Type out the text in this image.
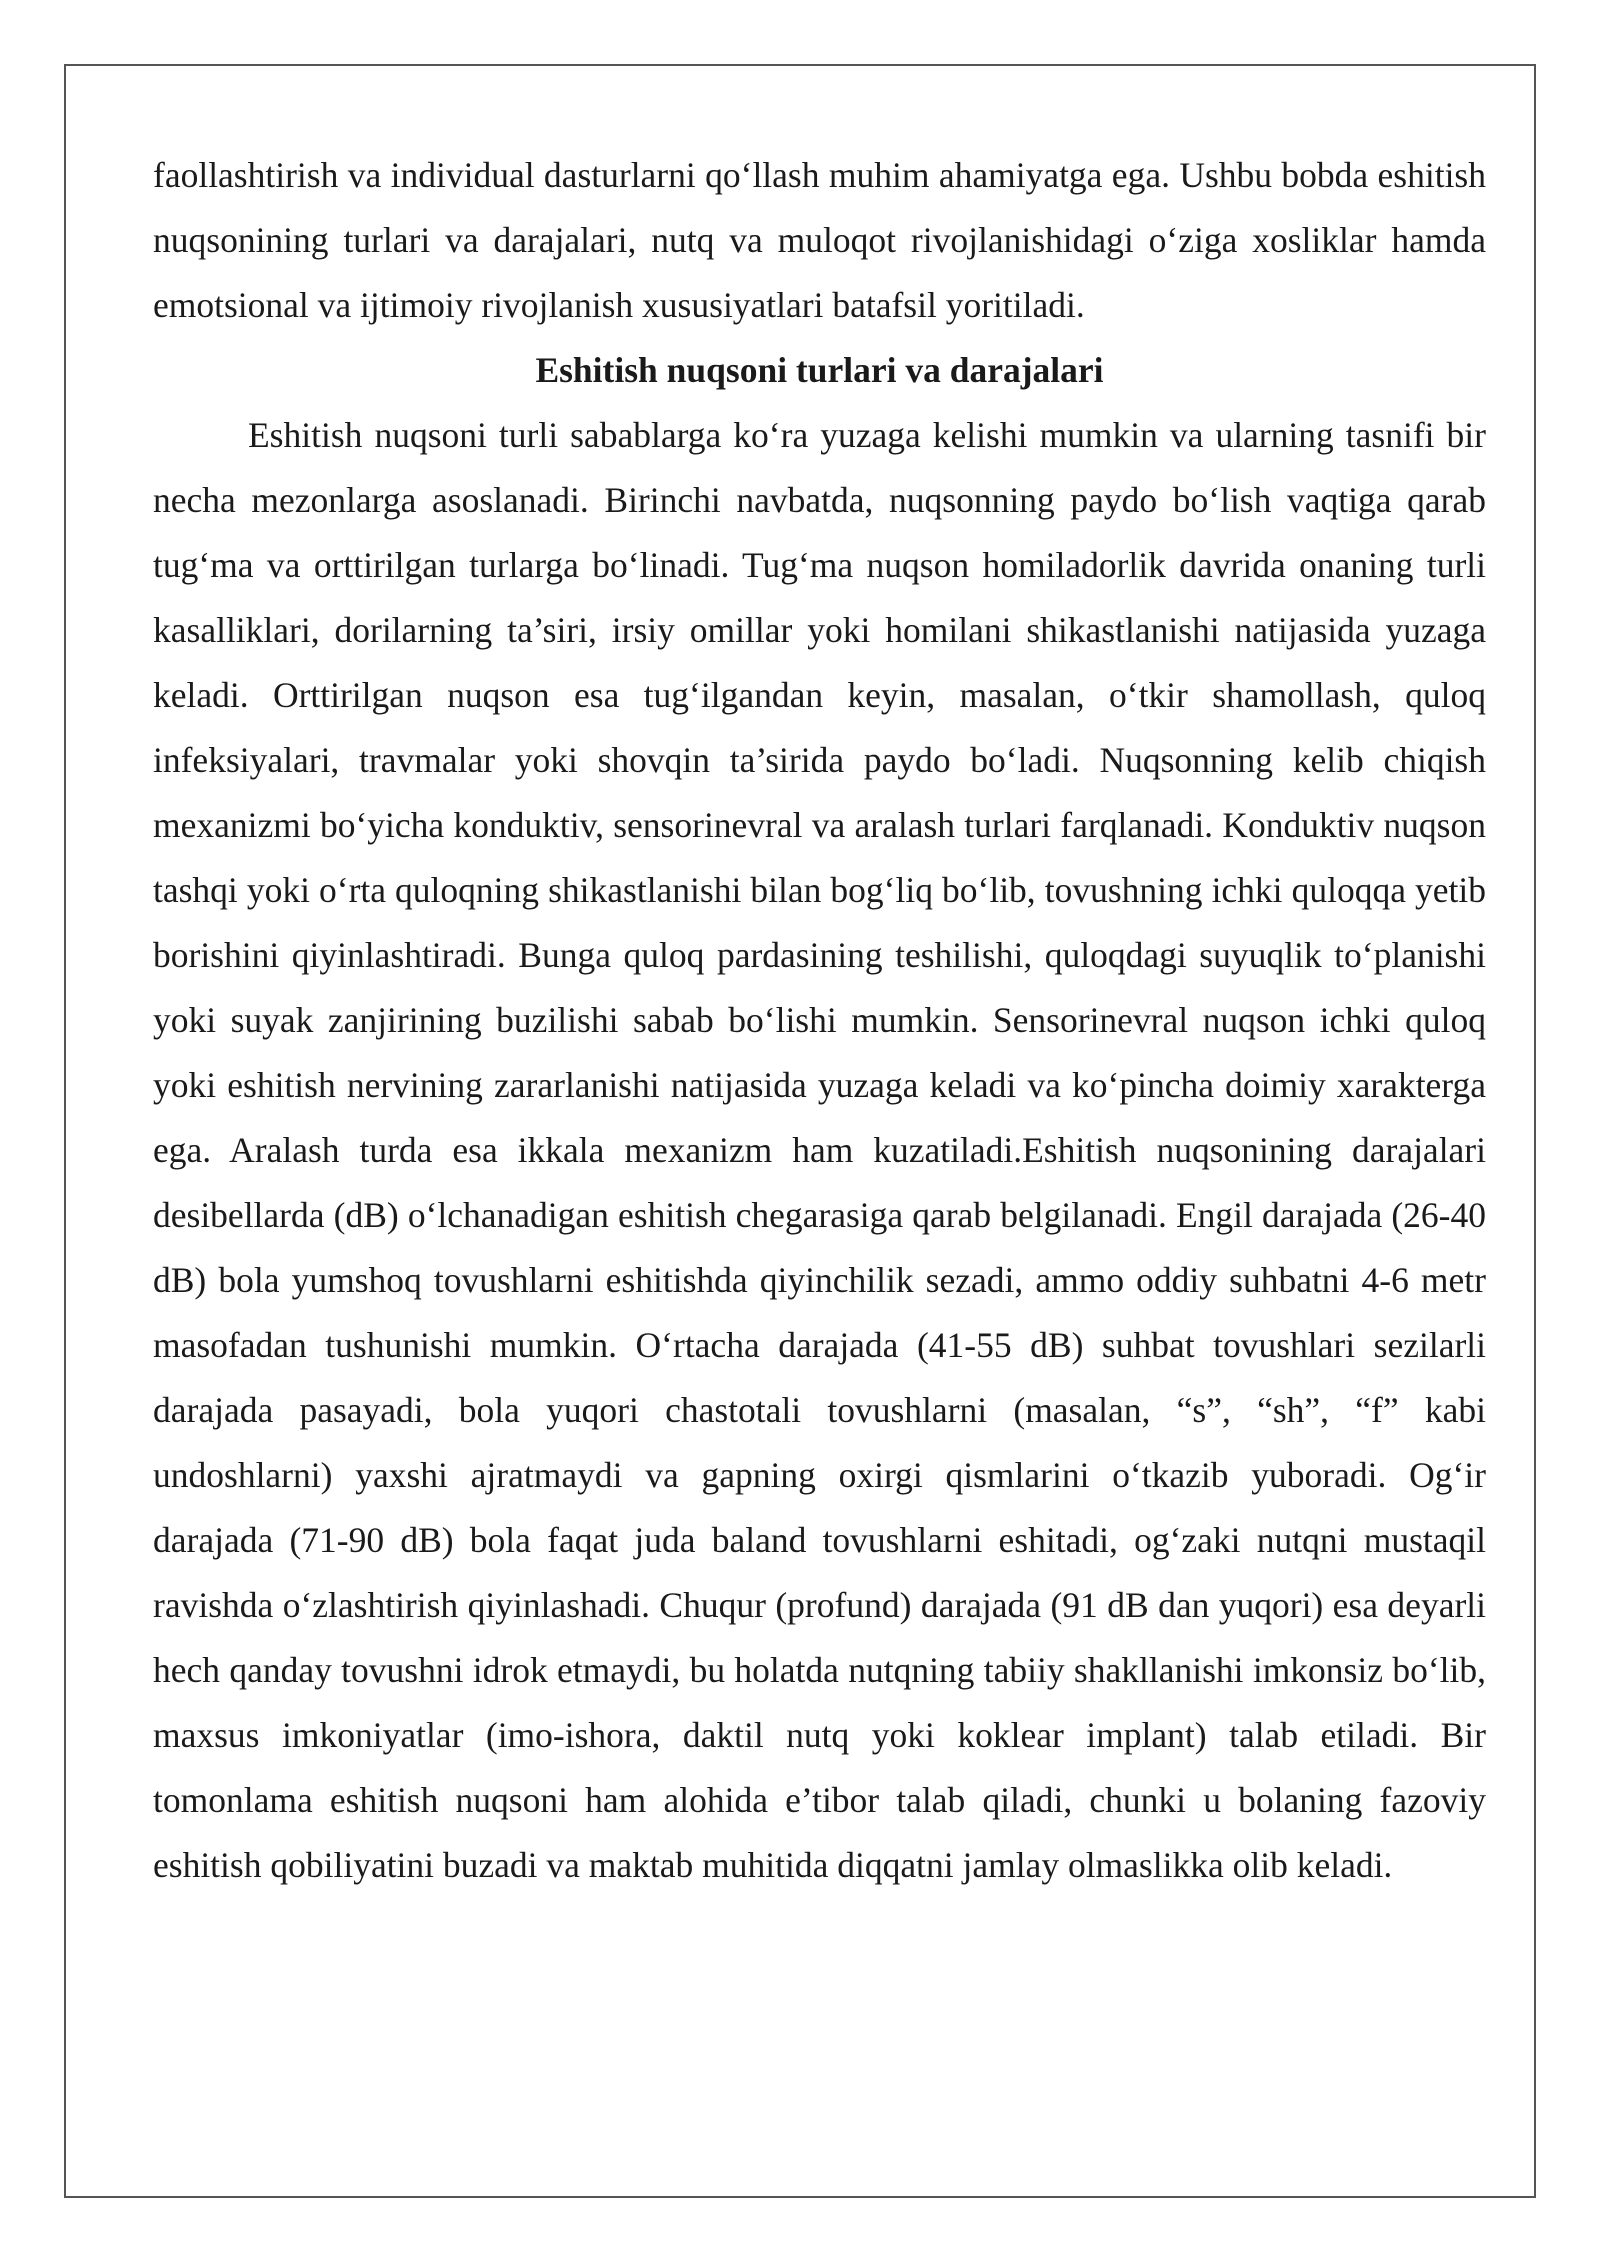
faollashtirish va individual dasturlarni qo‘llash muhim ahamiyatga ega. Ushbu bobda eshitish nuqsonining turlari va darajalari, nutq va muloqot rivojlanishidagi o‘ziga xosliklar hamda emotsional va ijtimoiy rivojlanish xususiyatlari batafsil yoritiladi.

Eshitish nuqsoni turlari va darajalari

Eshitish nuqsoni turli sabablarga ko‘ra yuzaga kelishi mumkin va ularning tasnifi bir necha mezonlarga asoslanadi. Birinchi navbatda, nuqsonning paydo bo‘lish vaqtiga qarab tug‘ma va orttirilgan turlarga bo‘linadi. Tug‘ma nuqson homiladorlik davrida onaning turli kasalliklari, dorilarning ta’siri, irsiy omillar yoki homilani shikastlanishi natijasida yuzaga keladi. Orttirilgan nuqson esa tug‘ilgandan keyin, masalan, o‘tkir shamollash, quloq infeksiyalari, travmalar yoki shovqin ta’sirida paydo bo‘ladi. Nuqsonning kelib chiqish mexanizmi bo‘yicha konduktiv, sensorinevral va aralash turlari farqlanadi. Konduktiv nuqson tashqi yoki o‘rta quloqning shikastlanishi bilan bog‘liq bo‘lib, tovushning ichki quloqqa yetib borishini qiyinlashtiradi. Bunga quloq pardasining teshilishi, quloqdagi suyuqlik to‘planishi yoki suyak zanjirining buzilishi sabab bo‘lishi mumkin. Sensorinevral nuqson ichki quloq yoki eshitish nervining zararlanishi natijasida yuzaga keladi va ko‘pincha doimiy xarakterga ega. Aralash turda esa ikkala mexanizm ham kuzatiladi.Eshitish nuqsonining darajalari desibellarda (dB) o‘lchanadigan eshitish chegarasiga qarab belgilanadi. Engil darajada (26-40 dB) bola yumshoq tovushlarni eshitishda qiyinchilik sezadi, ammo oddiy suhbatni 4-6 metr masofadan tushunishi mumkin. O‘rtacha darajada (41-55 dB) suhbat tovushlari sezilarli darajada pasayadi, bola yuqori chastotali tovushlarni (masalan, “s”, “sh”, “f” kabi undoshlarni) yaxshi ajratmaydi va gapning oxirgi qismlarini o‘tkazib yuboradi. Og‘ir darajada (71-90 dB) bola faqat juda baland tovushlarni eshitadi, og‘zaki nutqni mustaqil ravishda o‘zlashtirish qiyinlashadi. Chuqur (profund) darajada (91 dB dan yuqori) esa deyarli hech qanday tovushni idrok etmaydi, bu holatda nutqning tabiiy shakllanishi imkonsiz bo‘lib, maxsus imkoniyatlar (imo-ishora, daktil nutq yoki koklear implant) talab etiladi. Bir tomonlama eshitish nuqsoni ham alohida e’tibor talab qiladi, chunki u bolaning fazoviy eshitish qobiliyatini buzadi va maktab muhitida diqqatni jamlay olmaslikka olib keladi.
